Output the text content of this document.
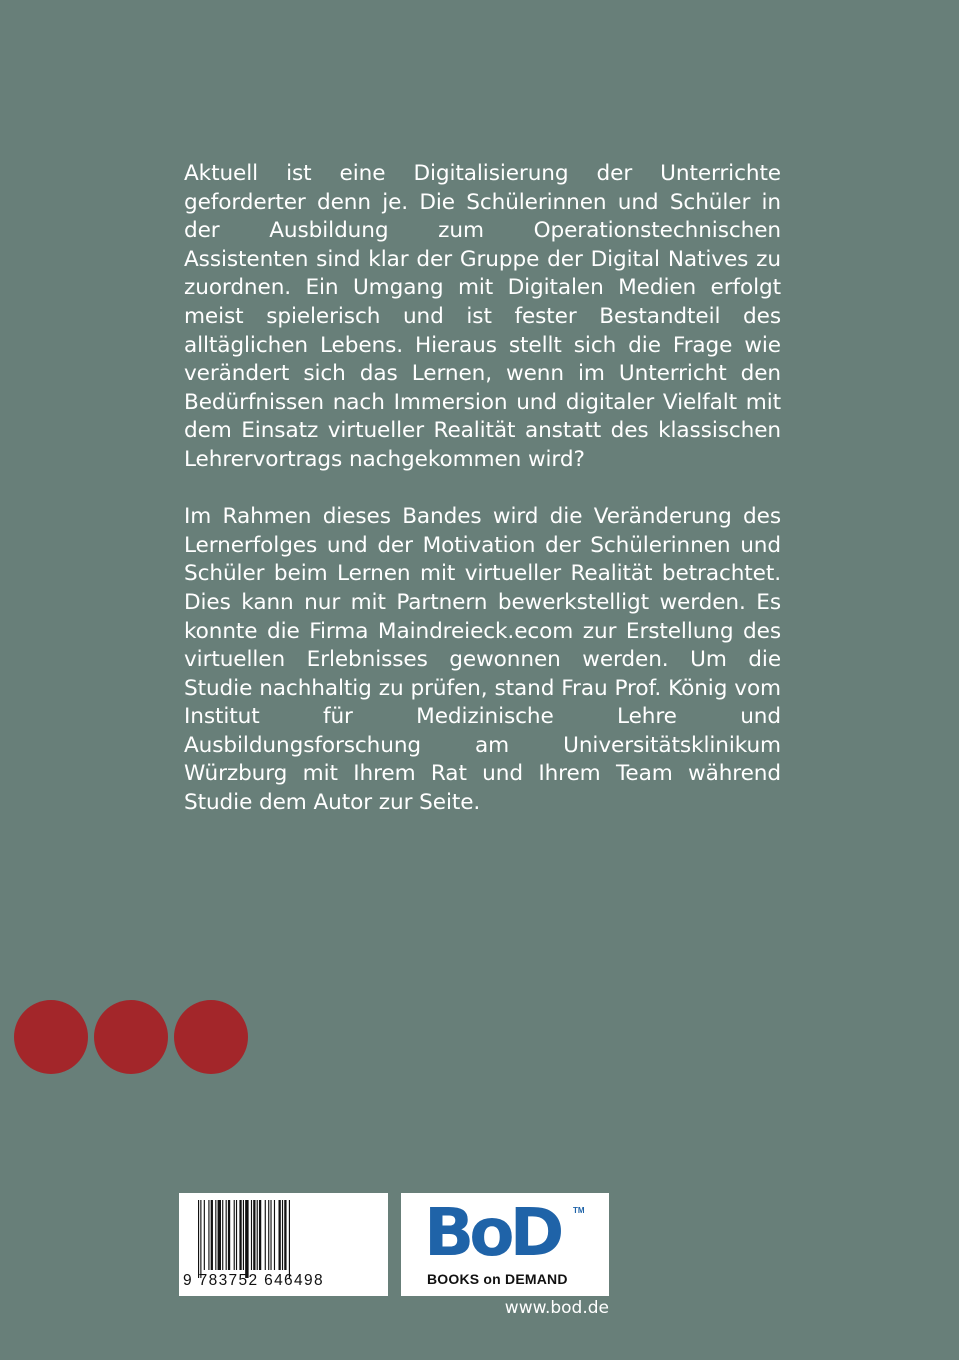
Aktuell ist eine Digitalisierung der Unterrichte geforderter denn je. Die Schülerinnen und Schüler in der Ausbildung zum Operationstechnischen Assistenten sind klar der Gruppe der Digital Natives zu zuordnen. Ein Umgang mit Digitalen Medien erfolgt meist spielerisch und ist fester Bestandteil des alltäglichen Lebens. Hieraus stellt sich die Frage wie verändert sich das Lernen, wenn im Unterricht den Bedürfnissen nach Immersion und digitaler Vielfalt mit dem Einsatz virtueller Realität anstatt des klassischen Lehrervortrags nachgekommen wird?

Im Rahmen dieses Bandes wird die Veränderung des Lernerfolges und der Motivation der Schülerinnen und Schüler beim Lernen mit virtueller Realität betrachtet. Dies kann nur mit Partnern bewerkstelligt werden. Es konnte die Firma Maindreieck.ecom zur Erstellung des virtuellen Erlebnisses gewonnen werden. Um die Studie nachhaltig zu prüfen, stand Frau Prof. König vom Institut für Medizinische Lehre und Ausbildungsforschung am Universitätsklinikum Würzburg mit Ihrem Rat und Ihrem Team während Studie dem Autor zur Seite.

9 783752 646498
BoD TM
BOOKS on DEMAND
www.bod.de
